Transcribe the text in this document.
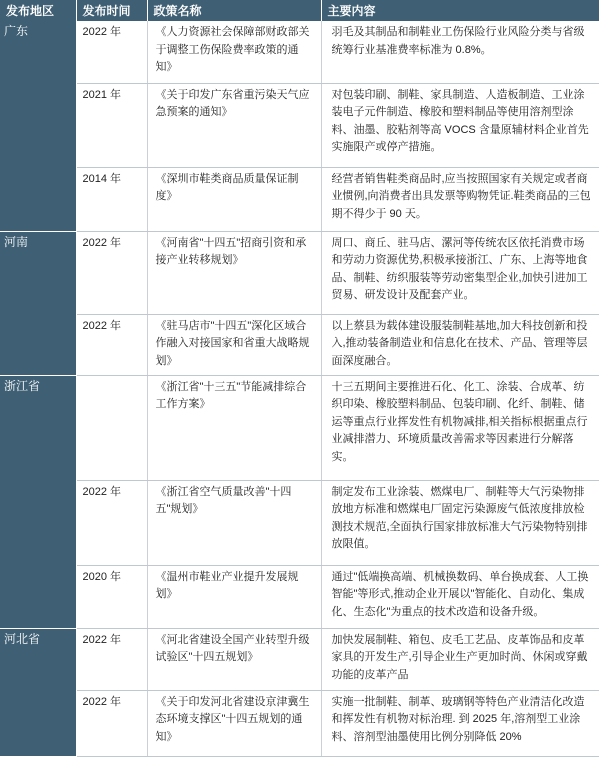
发布地区	发布时间	政策名称	主要内容
广东	2022 年	《人力资源社会保障部财政部关于调整工伤保险费率政策的通知》	羽毛及其制品和制鞋业工伤保险行业风险分类与省级统筹行业基准费率标准为 0.8%。
	2021 年	《关于印发广东省重污染天气应急预案的通知》	对包装印刷、制鞋、家具制造、人造板制造、工业涂装电子元件制造、橡胶和塑料制品等使用溶剂型涂料、油墨、胶粘剂等高 VOCS 含量原辅材料企业首先实施限产或停产措施。
	2014 年	《深圳市鞋类商品质量保证制度》	经营者销售鞋类商品时,应当按照国家有关规定或者商业惯例,向消费者出具发票等购物凭证.鞋类商品的三包期不得少于 90 天。
河南	2022 年	《河南省"十四五"招商引资和承接产业转移规划》	周口、商丘、驻马店、漯河等传统农区依托消费市场和劳动力资源优势,积极承接浙江、广东、上海等地食品、制鞋、纺织服装等劳动密集型企业,加快引进加工贸易、研发设计及配套产业。
	2022 年	《驻马店市"十四五"深化区域合作融入对接国家和省重大战略规划》	以上蔡县为载体建设服装制鞋基地,加大科技创新和投入,推动装备制造业和信息化在技术、产品、管理等层面深度融合。
浙江省		《浙江省"十三五"节能减排综合工作方案》	十三五期间主要推进石化、化工、涂装、合成革、纺织印染、橡胶塑料制品、包装印刷、化纤、制鞋、储运等重点行业挥发性有机物减排,相关指标根据重点行业减排潜力、环境质量改善需求等因素进行分解落实。
	2022 年	《浙江省空气质量改善"十四五"规划》	制定发布工业涂装、燃煤电厂、制鞋等大气污染物排放地方标准和燃煤电厂固定污染源废气低浓度排放检测技术规范,全面执行国家排放标准大气污染物特别排放限值。
	2020 年	《温州市鞋业产业提升发展规划》	通过"低端换高端、机械换数码、单台换成套、人工换智能"等形式,推动企业开展以"智能化、自动化、集成化、生态化"为重点的技术改造和设备升级。
河北省	2022 年	《河北省建设全国产业转型升级试验区"十四五规划》	加快发展制鞋、箱包、皮毛工艺品、皮革饰品和皮革家具的开发生产,引导企业生产更加时尚、休闲或穿戴功能的皮革产品
	2022 年	《关于印发河北省建设京津冀生态环境支撑区"十四五规划的通知》	实施一批制鞋、制革、玻璃钢等特色产业清洁化改造和挥发性有机物对标治理. 到 2025 年,溶剂型工业涂料、溶剂型油墨使用比例分别降低 20%
